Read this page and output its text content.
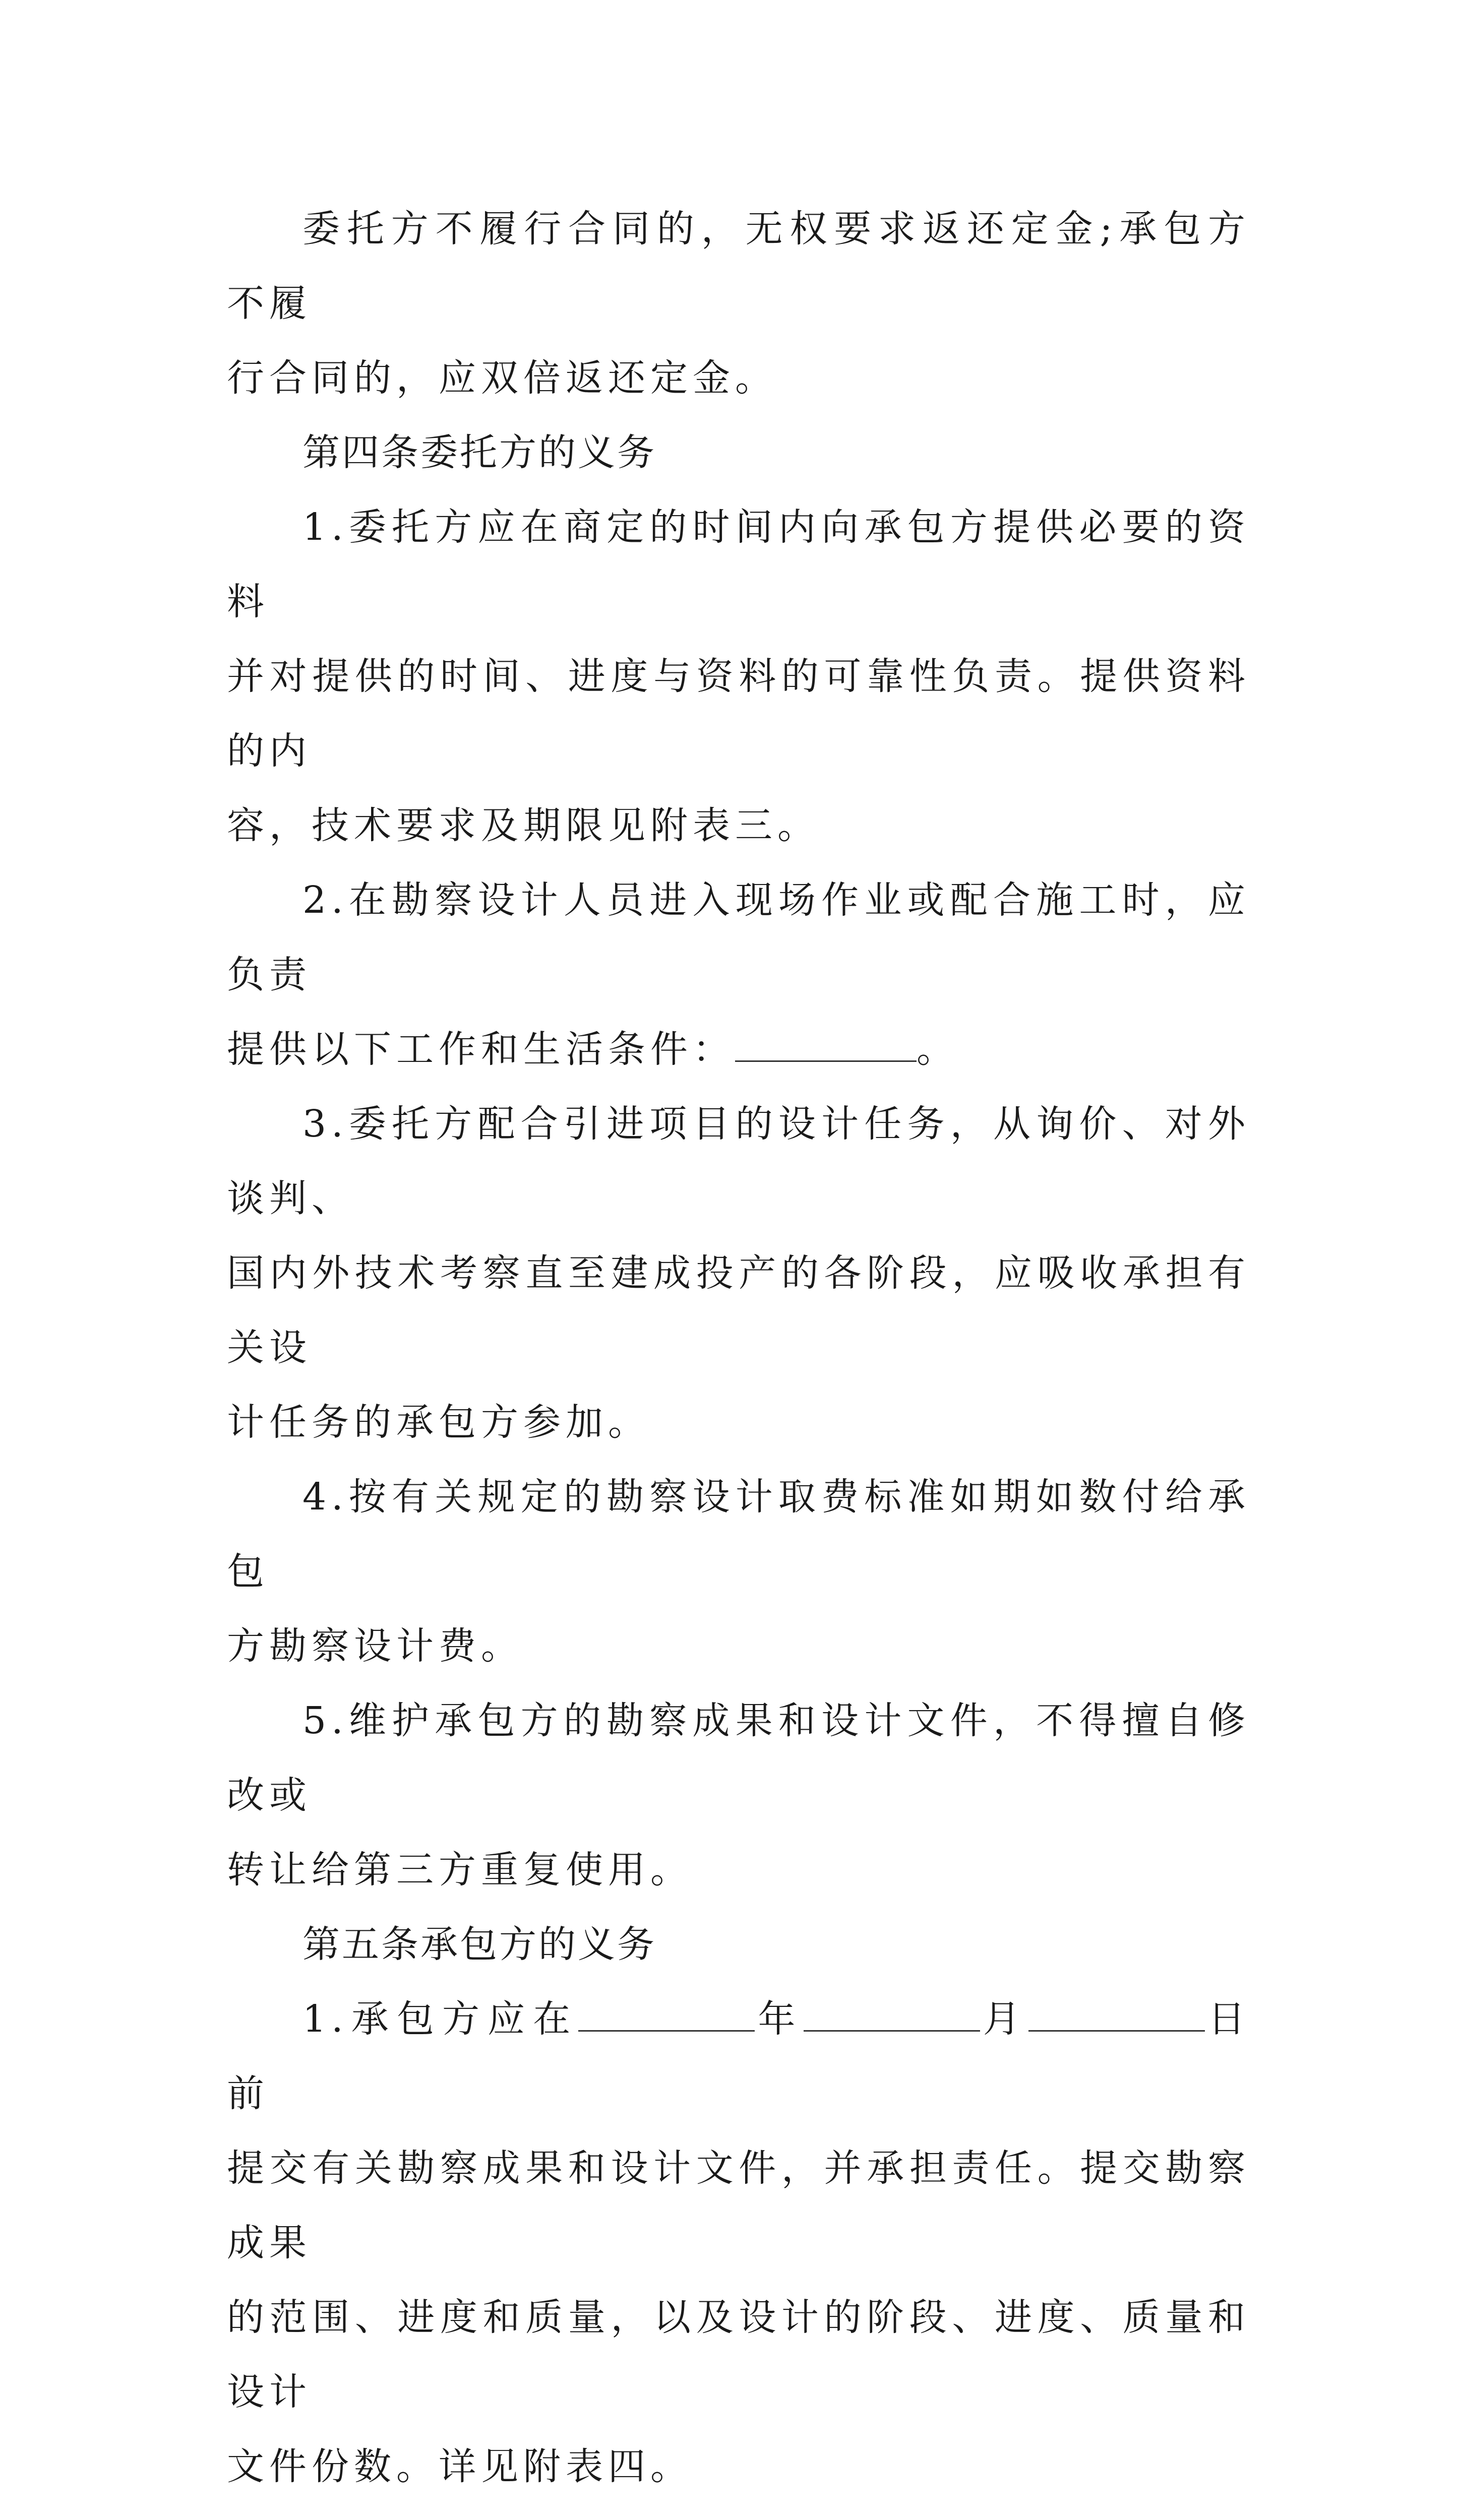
委托方不履行合同的，无权要求返还定金;承包方不履
行合同的，应双倍返还定金。
第四条委托方的义务
1.委托方应在商定的时间内向承包方提供必要的资料
并对提供的时间、进度与资料的可靠性负责。提供资料的内
容，技术要求及期限见附表三。
2.在勘察设计人员进入现场作业或配合施工时，应负责
提供以下工作和生活条件：	。
3.委托方配合引进项目的设计任务，从询价、对外谈判、
国内外技术考察直至建成投产的各阶段，应吸收承担有关设
计任务的承包方参加。
4.按有关规定的勘察设计取费标准如期如数付给承包
方勘察设计费。
5.维护承包方的勘察成果和设计文件，不得擅自修改或
转让给第三方重复使用。
第五条承包方的义务
1.承包方应在	年	月	日前
提交有关勘察成果和设计文件，并承担责任。提交勘察成果
的范围、进度和质量，以及设计的阶段、进度、质量和设计
文件份数。详见附表四。
